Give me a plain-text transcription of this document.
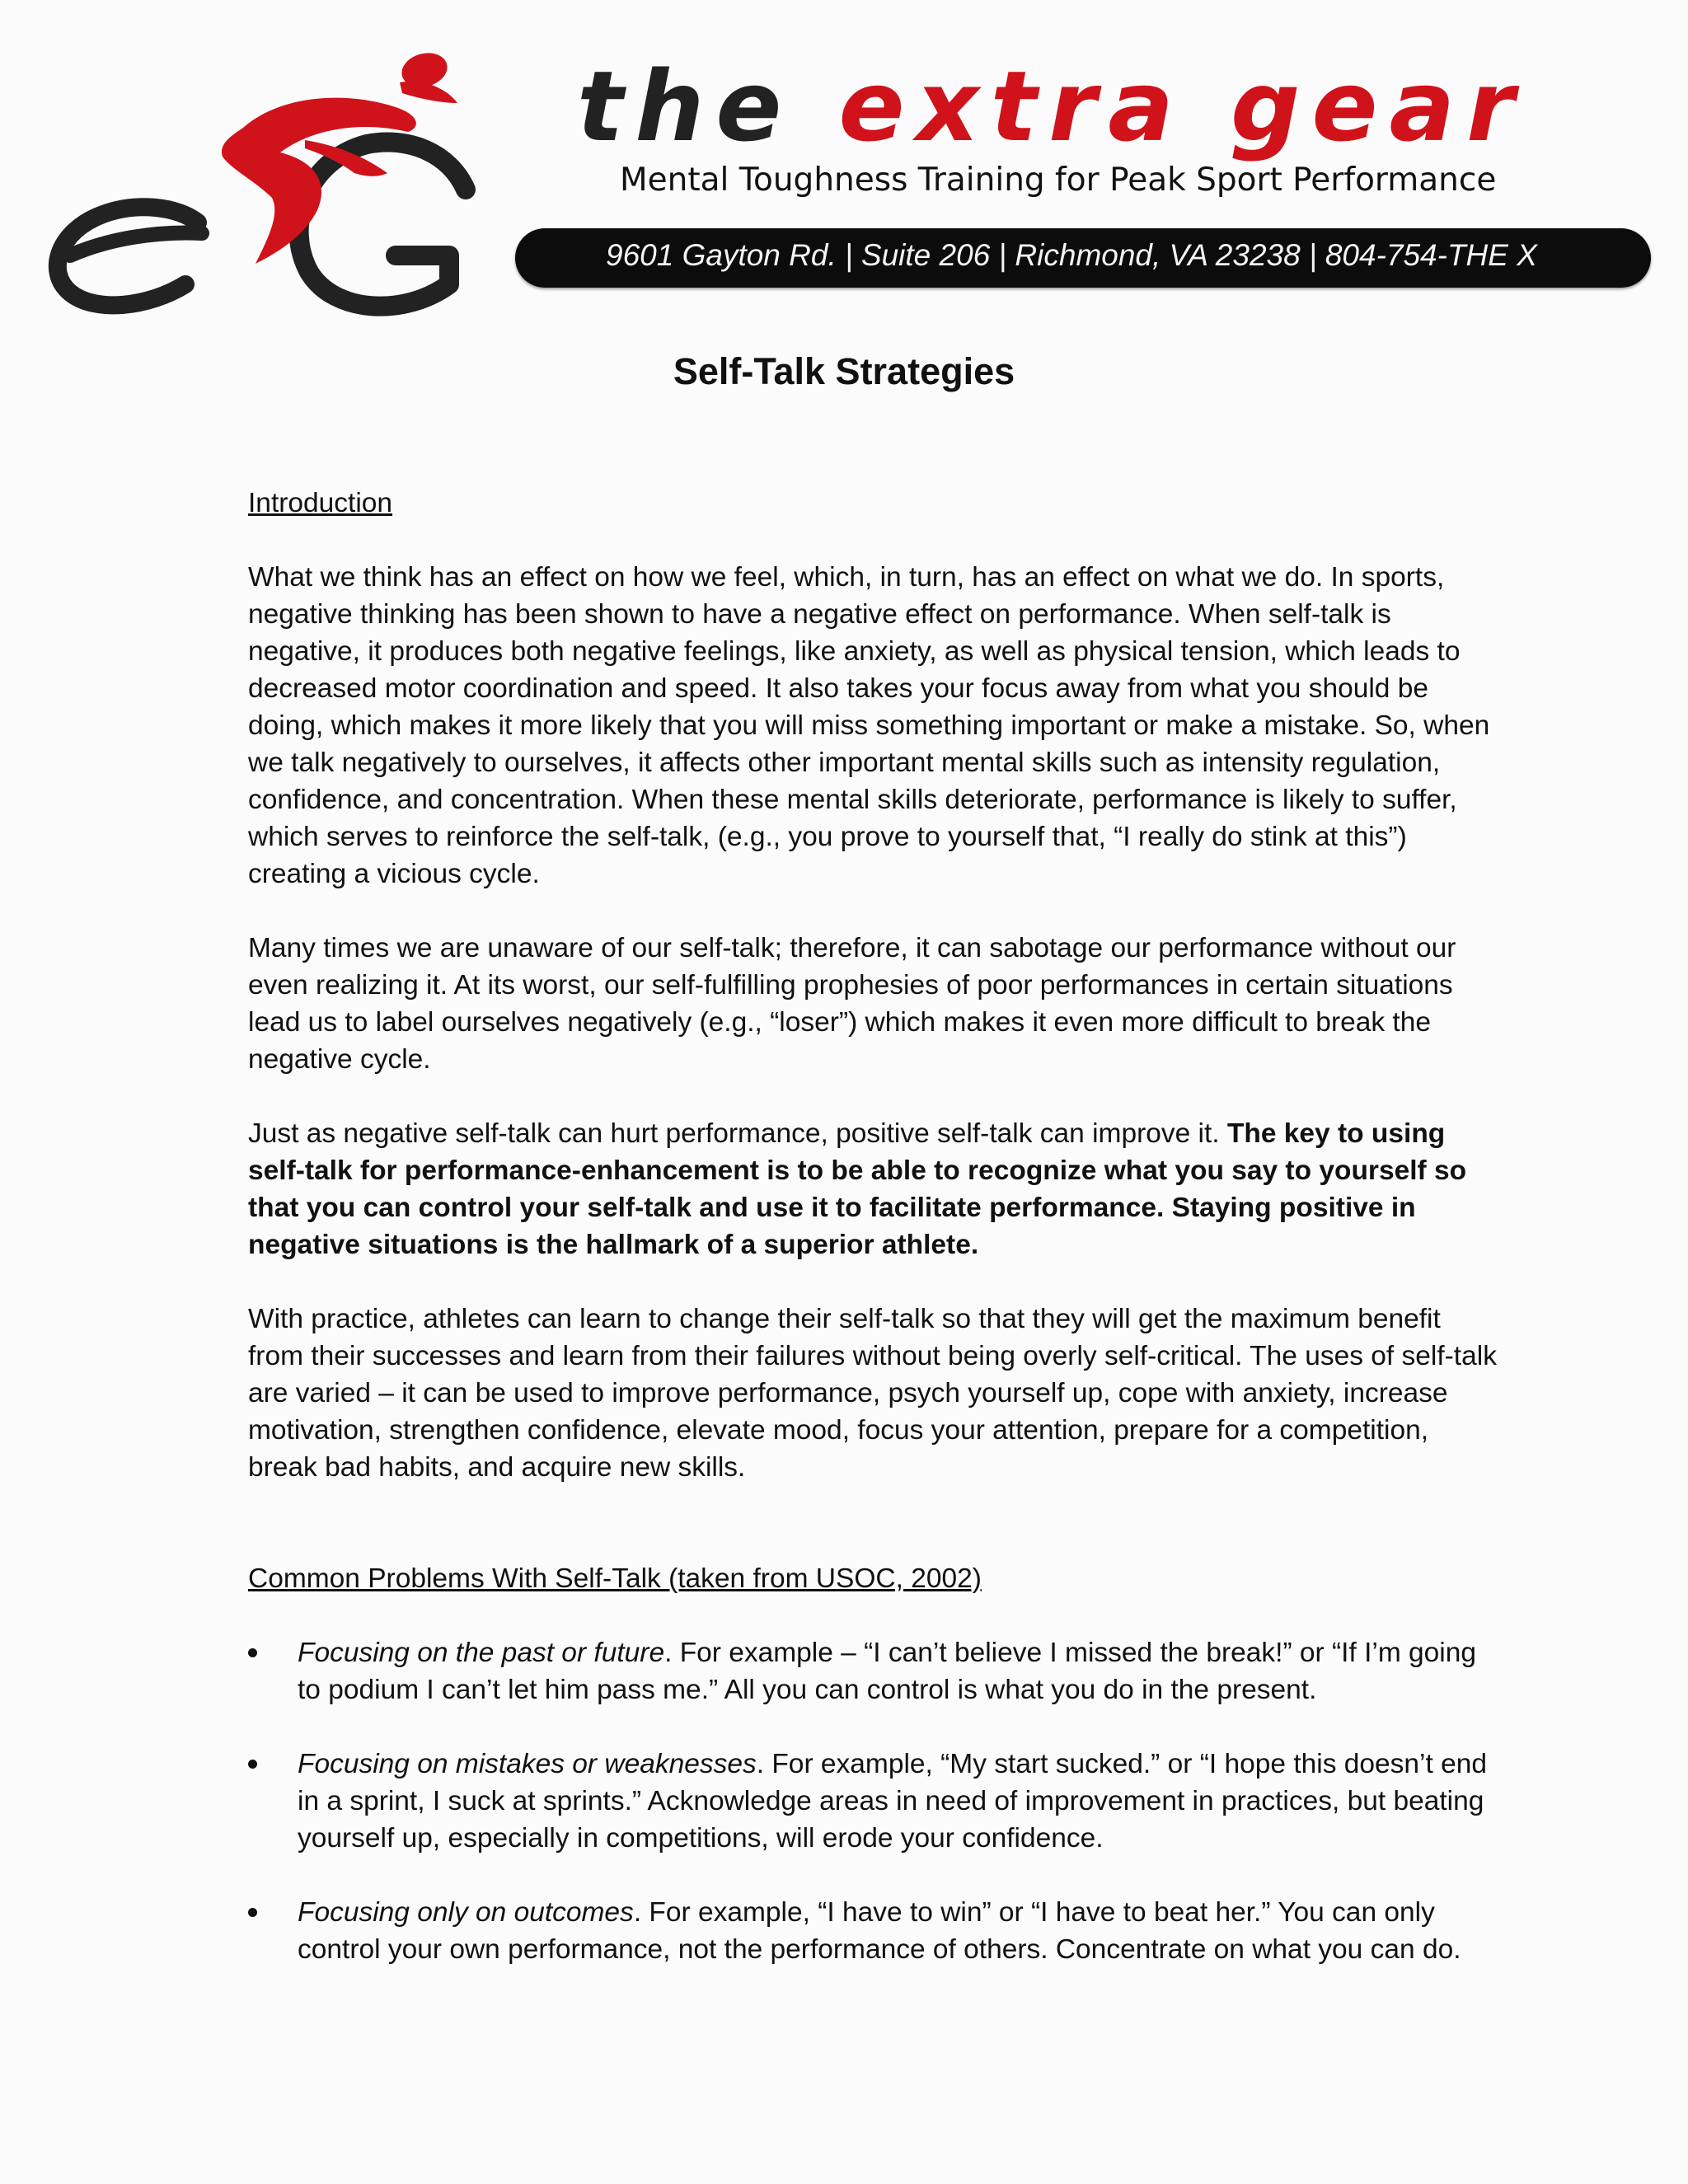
the extra gear
Mental Toughness Training for Peak Sport Performance
9601 Gayton Rd. | Suite 206 | Richmond, VA 23238 | 804-754-THE X
Self-Talk Strategies

Introduction

What we think has an effect on how we feel, which, in turn, has an effect on what we do. In sports, negative thinking has been shown to have a negative effect on performance. When self-talk is negative, it produces both negative feelings, like anxiety, as well as physical tension, which leads to decreased motor coordination and speed. It also takes your focus away from what you should be doing, which makes it more likely that you will miss something important or make a mistake. So, when we talk negatively to ourselves, it affects other important mental skills such as intensity regulation, confidence, and concentration. When these mental skills deteriorate, performance is likely to suffer, which serves to reinforce the self-talk, (e.g., you prove to yourself that, “I really do stink at this”) creating a vicious cycle.

Many times we are unaware of our self-talk; therefore, it can sabotage our performance without our even realizing it. At its worst, our self-fulfilling prophesies of poor performances in certain situations lead us to label ourselves negatively (e.g., “loser”) which makes it even more difficult to break the negative cycle.

Just as negative self-talk can hurt performance, positive self-talk can improve it. The key to using self-talk for performance-enhancement is to be able to recognize what you say to yourself so that you can control your self-talk and use it to facilitate performance. Staying positive in negative situations is the hallmark of a superior athlete.

With practice, athletes can learn to change their self-talk so that they will get the maximum benefit from their successes and learn from their failures without being overly self-critical. The uses of self-talk are varied – it can be used to improve performance, psych yourself up, cope with anxiety, increase motivation, strengthen confidence, elevate mood, focus your attention, prepare for a competition, break bad habits, and acquire new skills.

Common Problems With Self-Talk (taken from USOC, 2002)

Focusing on the past or future. For example – “I can’t believe I missed the break!” or “If I’m going to podium I can’t let him pass me.” All you can control is what you do in the present.
Focusing on mistakes or weaknesses. For example, “My start sucked.” or “I hope this doesn’t end in a sprint, I suck at sprints.” Acknowledge areas in need of improvement in practices, but beating yourself up, especially in competitions, will erode your confidence.
Focusing only on outcomes. For example, “I have to win” or “I have to beat her.” You can only control your own performance, not the performance of others. Concentrate on what you can do.
